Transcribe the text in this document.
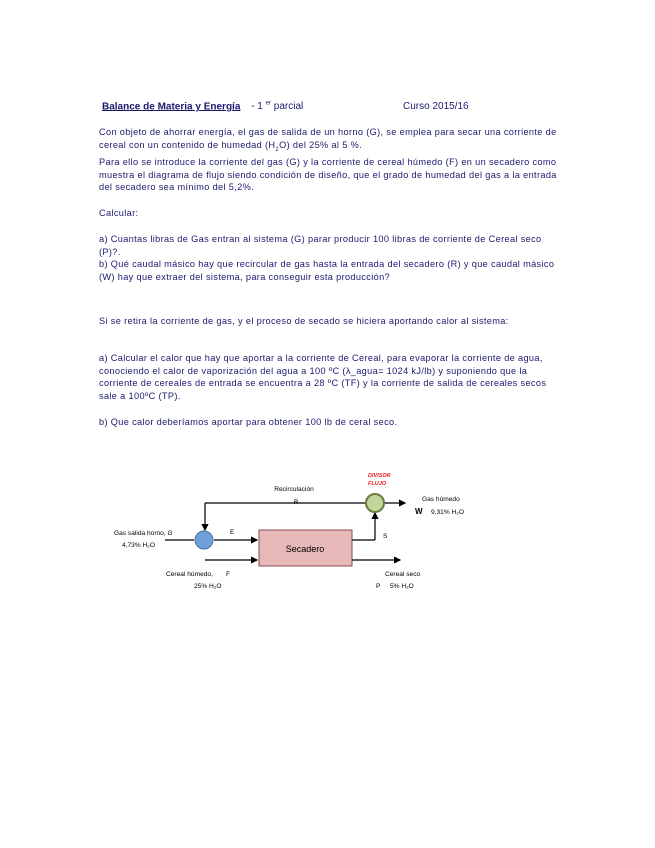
Balance de Materia y Energía - 1 $^{er}$ parcial	Curso 2015/16

Con objeto de ahorrar energía, el gas de salida de un horno (G), se emplea para secar una corriente de cereal con un contenido de humedad $(H_2O)$ del 25% al 5 %.

Para ello se introduce la corriente del gas (G) y la corriente de cereal húmedo (F) en un secadero como muestra el diagrama de flujo siendo condición de diseño, que el grado de humedad del gas a la entrada del secadero sea mínimo del 5,2%.
Calcular:
a) Cuantas libras de Gas entran al sistema (G) parar producir 100 libras de corriente de Cereal seco (P)?.
b) Qué caudal másico hay que recircular de gas hasta la entrada del secadero (R) y que caudal másico (W) hay que extraer del sistema, para conseguir esta producción?
Si se retira la corriente de gas, y el proceso de secado se hiciera aportando calor al sistema:
a) Calcular el calor que hay que aportar a la corriente de Cereal, para evaporar la corriente de agua, conociendo el calor de vaporización del agua a 100 ºC (λ_agua= 1024 kJ/lb) y suponiendo que la corriente de cereales de entrada se encuentra a 28 ºC (TF) y la corriente de salida de cereales secos sale a 100ºC (TP).
b) Que calor deberíamos aportar para obtener 100 lb de ceral seco.
Secadero
Recirculación
R
DIVISOR
FLUJO
Gas húmedo
W 9,31% H₂O
Gas salida horno, G
4,73% H₂O
E
S
Cereal húmedo, F
25% H₂O
Cereal seco
P 5% H₂O
